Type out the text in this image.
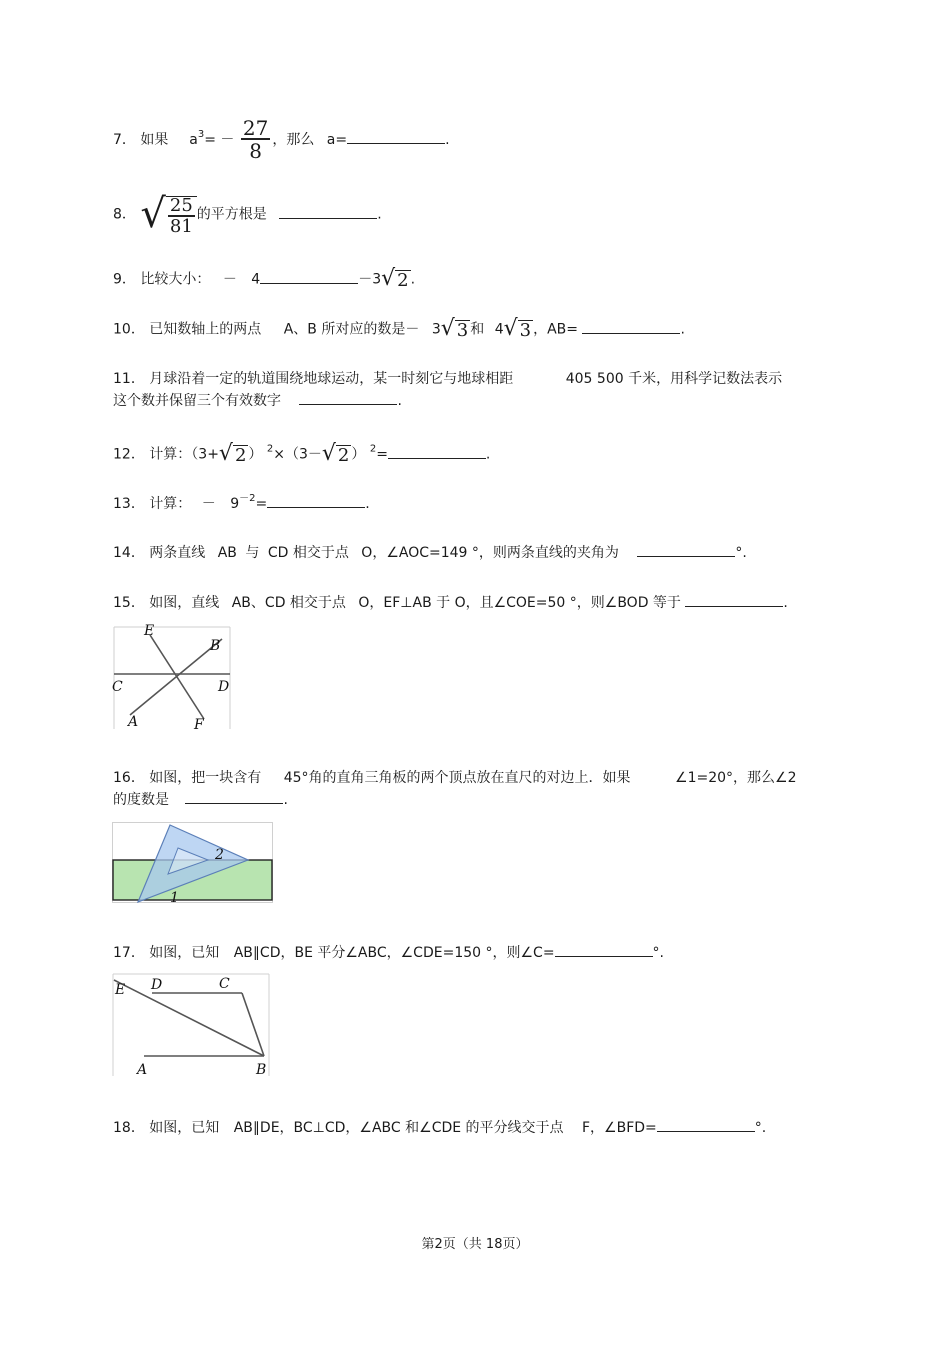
7． 如果 $a^3= - \frac{27}{8}$ ，那么 a=	.
8． √ $\frac{25}{81}$ 的平方根是	.
9． 比较大小： － 4	－3 √ 2 .
10． 已知数轴上的两点 A、B 所对应的数是－ 3 √ 3 和 4 √ 3 ，AB=	.
11． 月球沿着一定的轨道围绕地球运动，某一时刻它与地球相距	405 500 千米，用科学记数法表示
这个数并保留三个有效数字	.
12． 计算：（3+ √ 2 ） $^2$×（3－ √ 2 ） $^2$=	.
13． 计算： － $9^{-2}=$	.
14． 两条直线 AB 与 CD 相交于点 O，∠AOC=149 °，则两条直线的夹角为	°.
15． 如图，直线 AB、CD 相交于点 O，EF⊥AB 于 O，且∠COE=50 °，则∠BOD 等于	.
E
B
C	D
A	F
16． 如图，把一块含有 45°角的直角三角板的两个顶点放在直尺的对边上．如果	∠1=20°，那么∠2
的度数是	.
2
1
17． 如图，已知 AB∥CD，BE 平分∠ABC，∠CDE=150 °，则∠C=	°.
E D	C
A	B
18． 如图，已知 AB∥DE，BC⊥CD，∠ABC 和∠CDE 的平分线交于点 F，∠BFD=	°.
第2页（共 18页）
